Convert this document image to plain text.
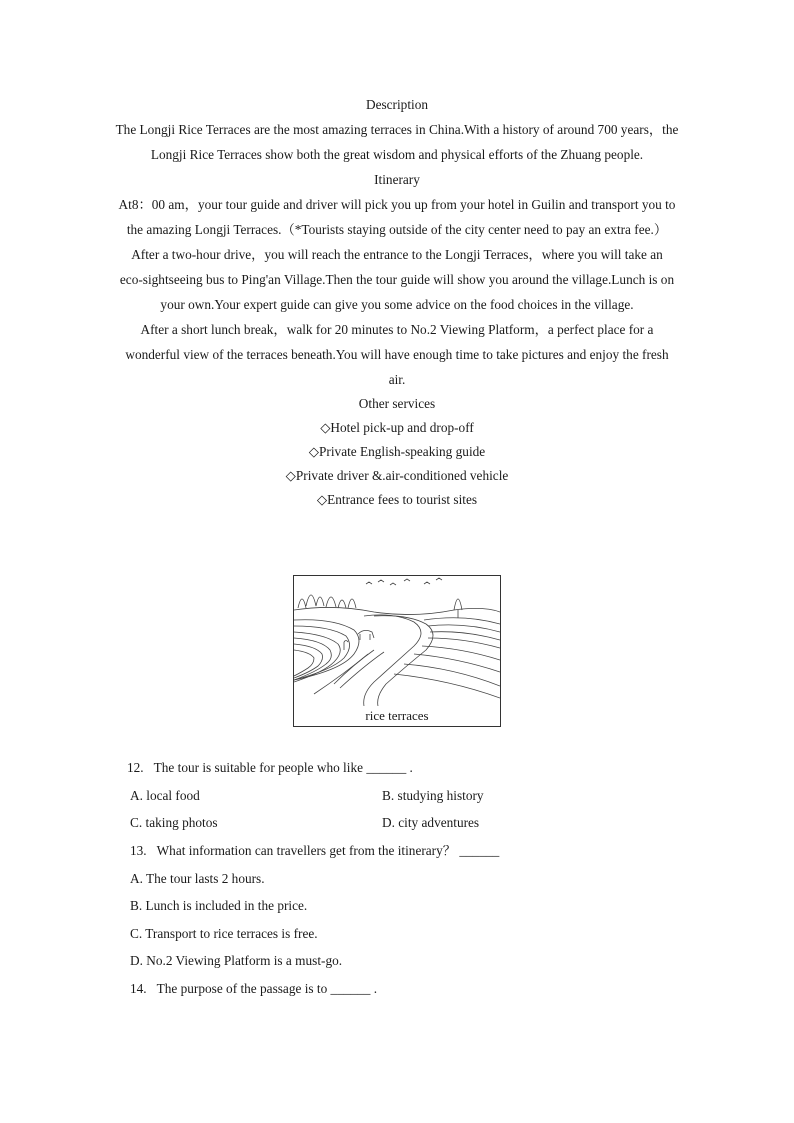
Description

The Longji Rice Terraces are the most amazing terraces in China.With a history of around 700 years，the

Longji Rice Terraces show both the great wisdom and physical efforts of the Zhuang people.

Itinerary

At8：00 am，your tour guide and driver will pick you up from your hotel in Guilin and transport you to

the amazing Longji Terraces.（*Tourists staying outside of the city center need to pay an extra fee.）

After a two-hour drive，you will reach the entrance to the Longji Terraces，where you will take an

eco-sightseeing bus to Ping'an Village.Then the tour guide will show you around the village.Lunch is on

your own.Your expert guide can give you some advice on the food choices in the village.

After a short lunch break，walk for 20 minutes to No.2 Viewing Platform，a perfect place for a

wonderful view of the terraces beneath.You will have enough time to take pictures and enjoy the fresh

air.

Other services

◇Hotel pick-up and drop-off

◇Private English-speaking guide

◇Private driver &.air-conditioned vehicle

◇Entrance fees to tourist sites

rice terraces
12. The tour is suitable for people who like ______ .
A. local food	B. studying history
C. taking photos	D. city adventures
13. What information can travellers get from the itinerary？ ______
A. The tour lasts 2 hours.
B. Lunch is included in the price.
C. Transport to rice terraces is free.
D. No.2 Viewing Platform is a must-go.
14. The purpose of the passage is to ______ .
